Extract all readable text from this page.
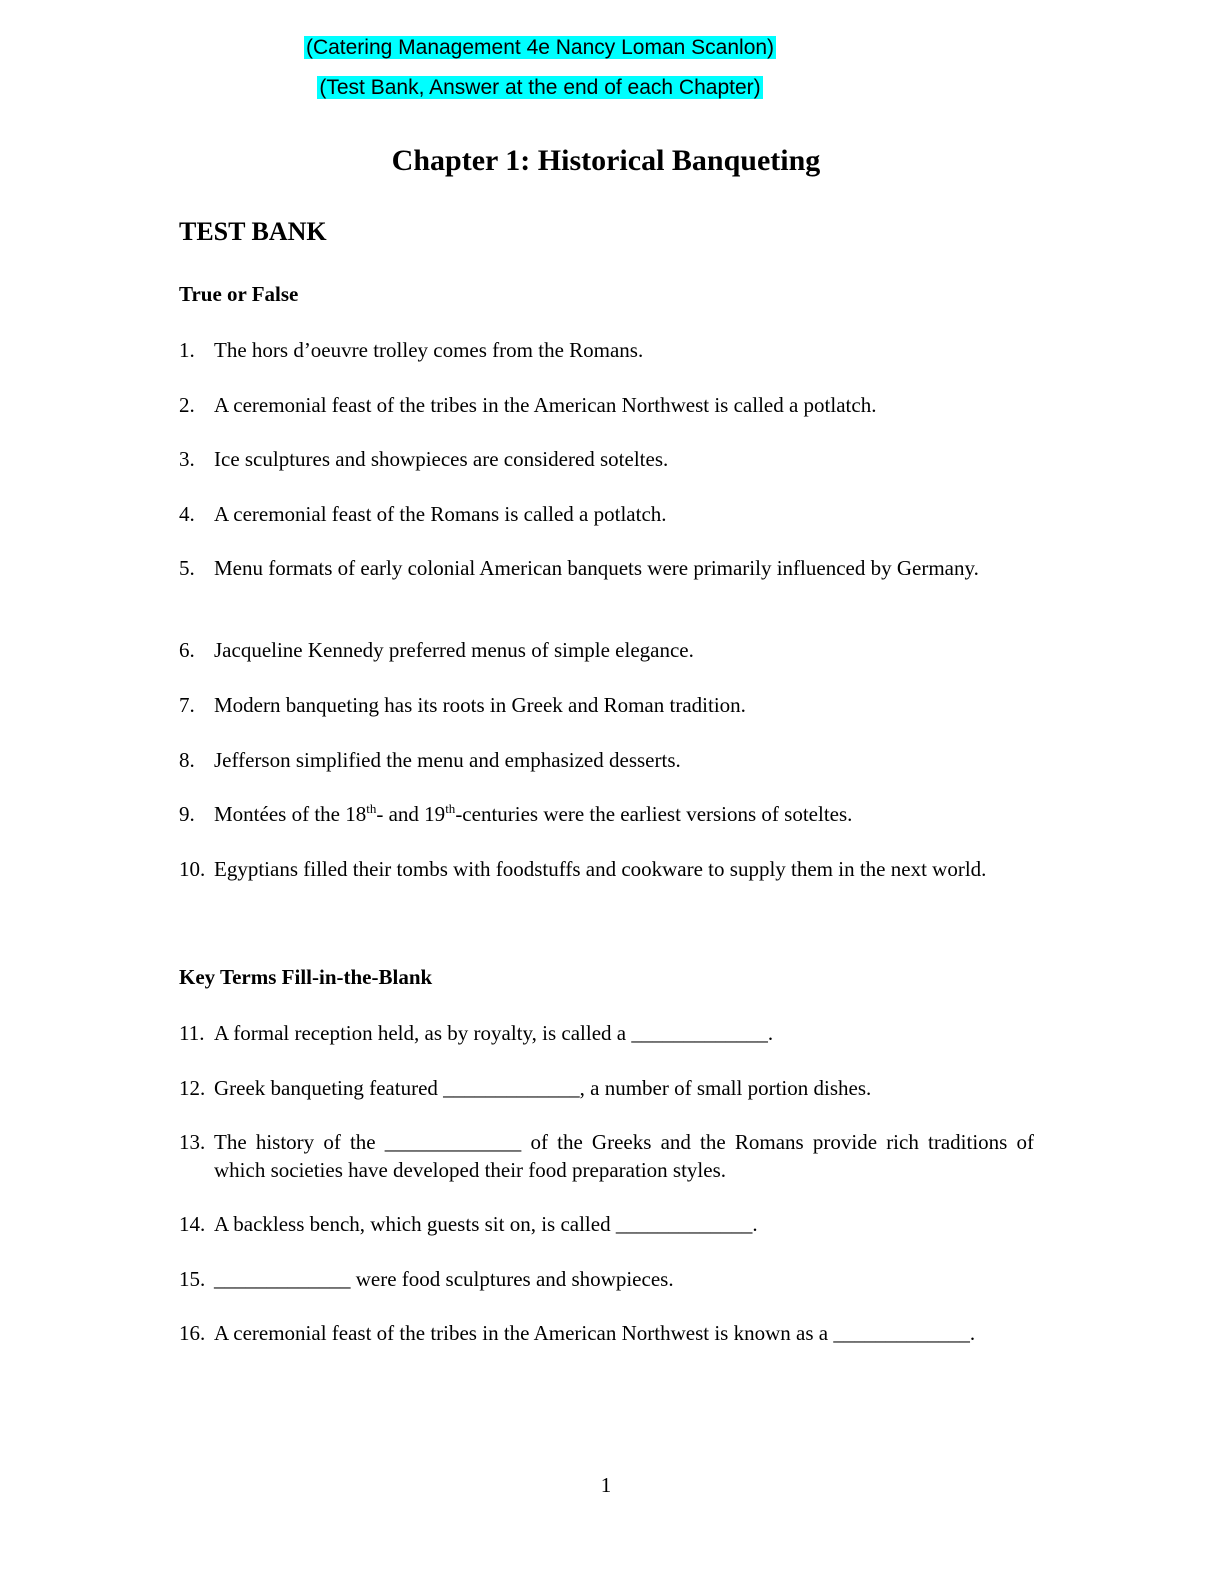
(Catering Management 4e Nancy Loman Scanlon)
(Test Bank, Answer at the end of each Chapter)
Chapter 1: Historical Banqueting
TEST BANK
True or False
1. The hors d’oeuvre trolley comes from the Romans.
2. A ceremonial feast of the tribes in the American Northwest is called a potlatch.
3. Ice sculptures and showpieces are considered soteltes.
4. A ceremonial feast of the Romans is called a potlatch.
5. Menu formats of early colonial American banquets were primarily influenced by Germany.
6. Jacqueline Kennedy preferred menus of simple elegance.
7. Modern banqueting has its roots in Greek and Roman tradition.
8. Jefferson simplified the menu and emphasized desserts.
9. Montées of the 18th- and 19th-centuries were the earliest versions of soteltes.
10. Egyptians filled their tombs with foodstuffs and cookware to supply them in the next world.
Key Terms Fill-in-the-Blank
11. A formal reception held, as by royalty, is called a _____________.
12. Greek banqueting featured _____________, a number of small portion dishes.
13. The history of the _____________ of the Greeks and the Romans provide rich traditions of which societies have developed their food preparation styles.
14. A backless bench, which guests sit on, is called _____________.
15. _____________ were food sculptures and showpieces.
16. A ceremonial feast of the tribes in the American Northwest is known as a _____________.
1
